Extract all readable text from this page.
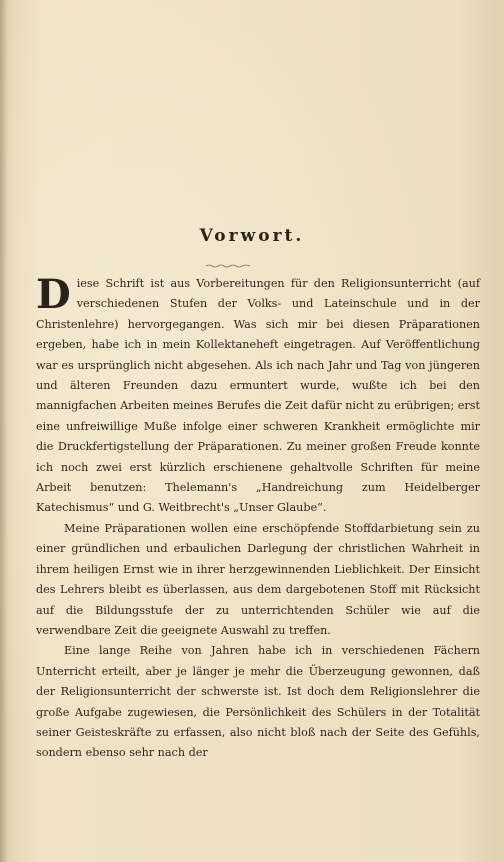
Vorwort.

Diese Schrift ist aus Vorbereitungen für den Religionsunterricht (auf verschiedenen Stufen der Volks- und Lateinschule und in der Christenlehre) hervorgegangen. Was sich mir bei diesen Präparationen ergeben, habe ich in mein Kollektaneheft eingetragen. Auf Veröffentlichung war es ursprünglich nicht abgesehen. Als ich nach Jahr und Tag von jüngeren und älteren Freunden dazu ermuntert wurde, wußte ich bei den mannigfachen Arbeiten meines Berufes die Zeit dafür nicht zu erübrigen; erst eine unfreiwillige Muße infolge einer schweren Krankheit ermöglichte mir die Druckfertigstellung der Präparationen. Zu meiner großen Freude konnte ich noch zwei erst kürzlich erschienene gehaltvolle Schriften für meine Arbeit benutzen: Thelemann's „Handreichung zum Heidelberger Katechismus“ und G. Weitbrecht's „Unser Glaube“.

Meine Präparationen wollen eine erschöpfende Stoffdarbietung sein zu einer gründlichen und erbaulichen Darlegung der christlichen Wahrheit in ihrem heiligen Ernst wie in ihrer herzgewinnenden Lieblichkeit. Der Einsicht des Lehrers bleibt es überlassen, aus dem dargebotenen Stoff mit Rücksicht auf die Bildungsstufe der zu unterrichtenden Schüler wie auf die verwendbare Zeit die geeignete Auswahl zu treffen.

Eine lange Reihe von Jahren habe ich in verschiedenen Fächern Unterricht erteilt, aber je länger je mehr die Überzeugung gewonnen, daß der Religionsunterricht der schwerste ist. Ist doch dem Religionslehrer die große Aufgabe zugewiesen, die Persönlichkeit des Schülers in der Totalität seiner Geisteskräfte zu erfassen, also nicht bloß nach der Seite des Gefühls, sondern ebenso sehr nach der
